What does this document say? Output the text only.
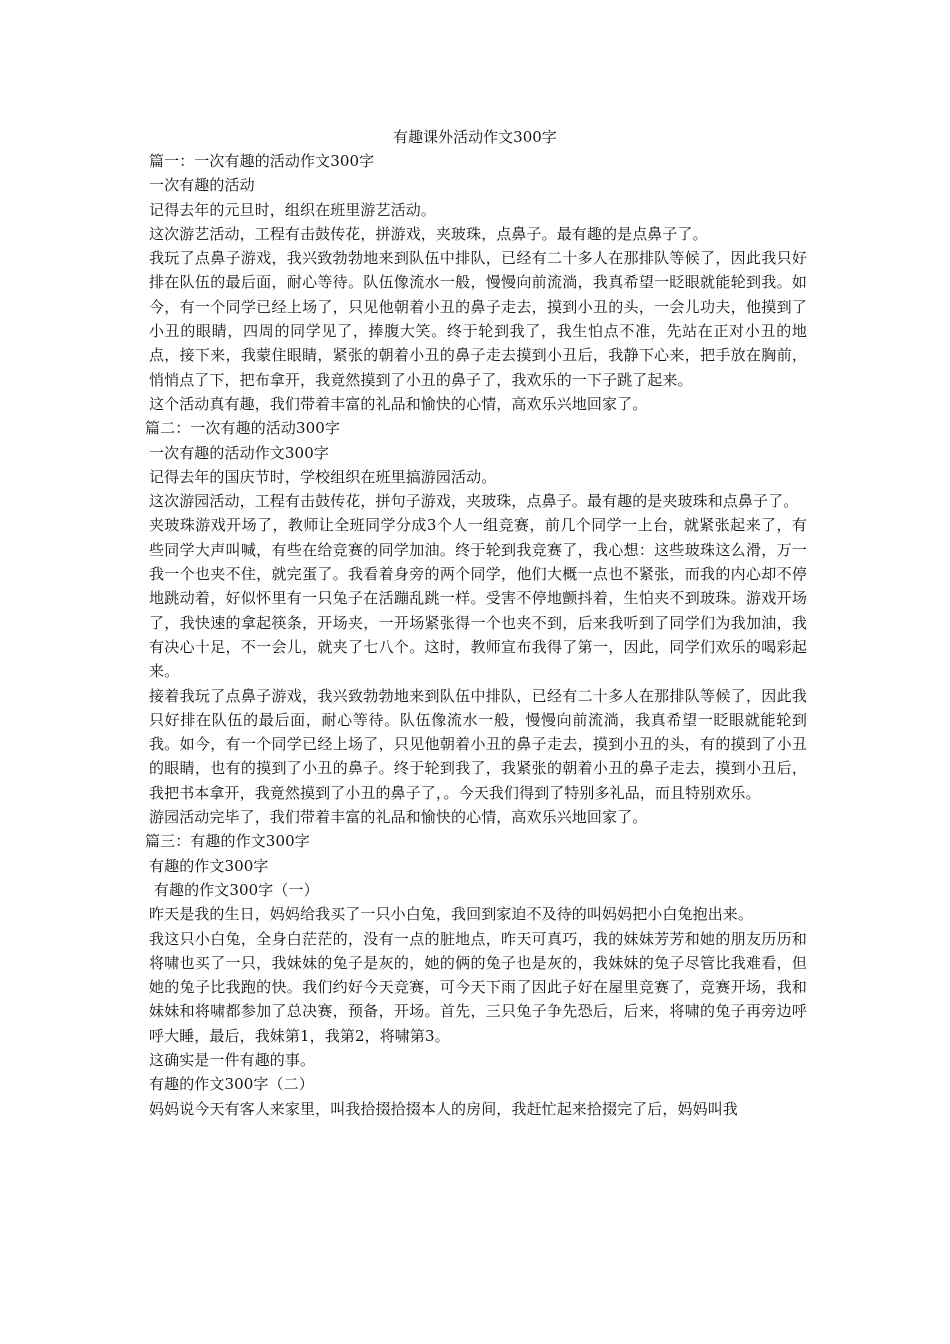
有趣课外活动作文300字

篇一：一次有趣的活动作文300字

一次有趣的活动

记得去年的元旦时，组织在班里游艺活动。

这次游艺活动，工程有击鼓传花，拼游戏，夹玻珠，点鼻子。最有趣的是点鼻子了。

我玩了点鼻子游戏，我兴致勃勃地来到队伍中排队，已经有二十多人在那排队等候了，因此我只好排在队伍的最后面，耐心等待。队伍像流水一般，慢慢向前流淌，我真希望一眨眼就能轮到我。如今，有一个同学已经上场了，只见他朝着小丑的鼻子走去，摸到小丑的头，一会儿功夫，他摸到了小丑的眼睛，四周的同学见了，捧腹大笑。终于轮到我了，我生怕点不准，先站在正对小丑的地点，接下来，我蒙住眼睛，紧张的朝着小丑的鼻子走去摸到小丑后，我静下心来，把手放在胸前，悄悄点了下，把布拿开，我竟然摸到了小丑的鼻子了，我欢乐的一下子跳了起来。

这个活动真有趣，我们带着丰富的礼品和愉快的心情，高欢乐兴地回家了。

篇二：一次有趣的活动300字

一次有趣的活动作文300字

记得去年的国庆节时，学校组织在班里搞游园活动。

这次游园活动，工程有击鼓传花，拼句子游戏，夹玻珠，点鼻子。最有趣的是夹玻珠和点鼻子了。

夹玻珠游戏开场了，教师让全班同学分成3个人一组竞赛，前几个同学一上台，就紧张起来了，有些同学大声叫喊，有些在给竞赛的同学加油。终于轮到我竞赛了，我心想：这些玻珠这么滑，万一我一个也夹不住，就完蛋了。我看着身旁的两个同学，他们大概一点也不紧张，而我的内心却不停地跳动着，好似怀里有一只兔子在活蹦乱跳一样。受害不停地颤抖着，生怕夹不到玻珠。游戏开场了，我快速的拿起筷条，开场夹，一开场紧张得一个也夹不到，后来我听到了同学们为我加油，我有决心十足，不一会儿，就夹了七八个。这时，教师宣布我得了第一，因此，同学们欢乐的喝彩起来。

接着我玩了点鼻子游戏，我兴致勃勃地来到队伍中排队，已经有二十多人在那排队等候了，因此我只好排在队伍的最后面，耐心等待。队伍像流水一般，慢慢向前流淌，我真希望一眨眼就能轮到我。如今，有一个同学已经上场了，只见他朝着小丑的鼻子走去，摸到小丑的头，有的摸到了小丑的眼睛，也有的摸到了小丑的鼻子。终于轮到我了，我紧张的朝着小丑的鼻子走去，摸到小丑后，我把书本拿开，我竟然摸到了小丑的鼻子了，。今天我们得到了特别多礼品，而且特别欢乐。

游园活动完毕了，我们带着丰富的礼品和愉快的心情，高欢乐兴地回家了。

篇三：有趣的作文300字

有趣的作文300字

有趣的作文300字（一）

昨天是我的生日，妈妈给我买了一只小白兔，我回到家迫不及待的叫妈妈把小白兔抱出来。

我这只小白兔，全身白茫茫的，没有一点的脏地点，昨天可真巧，我的妹妹芳芳和她的朋友历历和将啸也买了一只，我妹妹的兔子是灰的，她的俩的兔子也是灰的，我妹妹的兔子尽管比我难看，但她的兔子比我跑的快。我们约好今天竞赛，可今天下雨了因此子好在屋里竞赛了，竞赛开场，我和妹妹和将啸都参加了总决赛，预备，开场。首先，三只兔子争先恐后，后来，将啸的兔子再旁边呼呼大睡，最后，我妹第1，我第2，将啸第3。

这确实是一件有趣的事。

有趣的作文300字（二）

妈妈说今天有客人来家里，叫我拾掇拾掇本人的房间，我赶忙起来拾掇完了后，妈妈叫我
